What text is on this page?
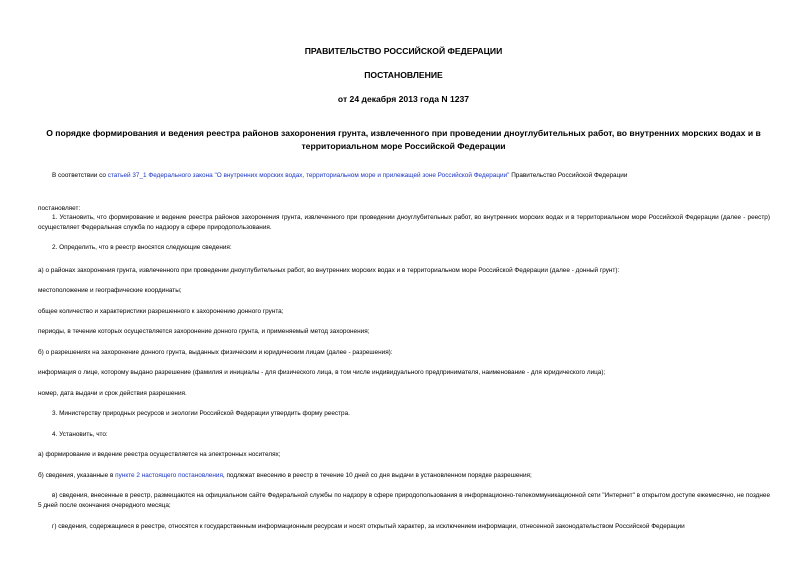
ПРАВИТЕЛЬСТВО РОССИЙСКОЙ ФЕДЕРАЦИИ
ПОСТАНОВЛЕНИЕ
от 24 декабря 2013 года N 1237
О порядке формирования и ведения реестра районов захоронения грунта, извлеченного при проведении дноуглубительных работ, во внутренних морских водах и в территориальном море Российской Федерации
В соответствии со статьей 37_1 Федерального закона "О внутренних морских водах, территориальном море и прилежащей зоне Российской Федерации" Правительство Российской Федерации
постановляет:
1. Установить, что формирование и ведение реестра районов захоронения грунта, извлеченного при проведении дноуглубительных работ, во внутренних морских водах и в территориальном море Российской Федерации (далее - реестр) осуществляет Федеральная служба по надзору в сфере природопользования.
2. Определить, что в реестр вносятся следующие сведения:
а) о районах захоронения грунта, извлеченного при проведении дноуглубительных работ, во внутренних морских водах и в территориальном море Российской Федерации (далее - донный грунт):
местоположение и географические координаты;
общее количество и характеристики разрешенного к захоронению донного грунта;
периоды, в течение которых осуществляется захоронение донного грунта, и применяемый метод захоронения;
б) о разрешениях на захоронение донного грунта, выданных физическим и юридическим лицам (далее - разрешения):
информация о лице, которому выдано разрешение (фамилия и инициалы - для физического лица, в том числе индивидуального предпринимателя, наименование - для юридического лица);
номер, дата выдачи и срок действия разрешения.
3. Министерству природных ресурсов и экологии Российской Федерации утвердить форму реестра.
4. Установить, что:
а) формирование и ведение реестра осуществляется на электронных носителях;
б) сведения, указанные в пункте 2 настоящего постановления, подлежат внесению в реестр в течение 10 дней со дня выдачи в установленном порядке разрешения;
в) сведения, внесенные в реестр, размещаются на официальном сайте Федеральной службы по надзору в сфере природопользования в информационно-телекоммуникационной сети "Интернет" в открытом доступе ежемесячно, не позднее 5 дней после окончания очередного месяца;
г) сведения, содержащиеся в реестре, относятся к государственным информационным ресурсам и носят открытый характер, за исключением информации, отнесенной законодательством Российской Федерации
